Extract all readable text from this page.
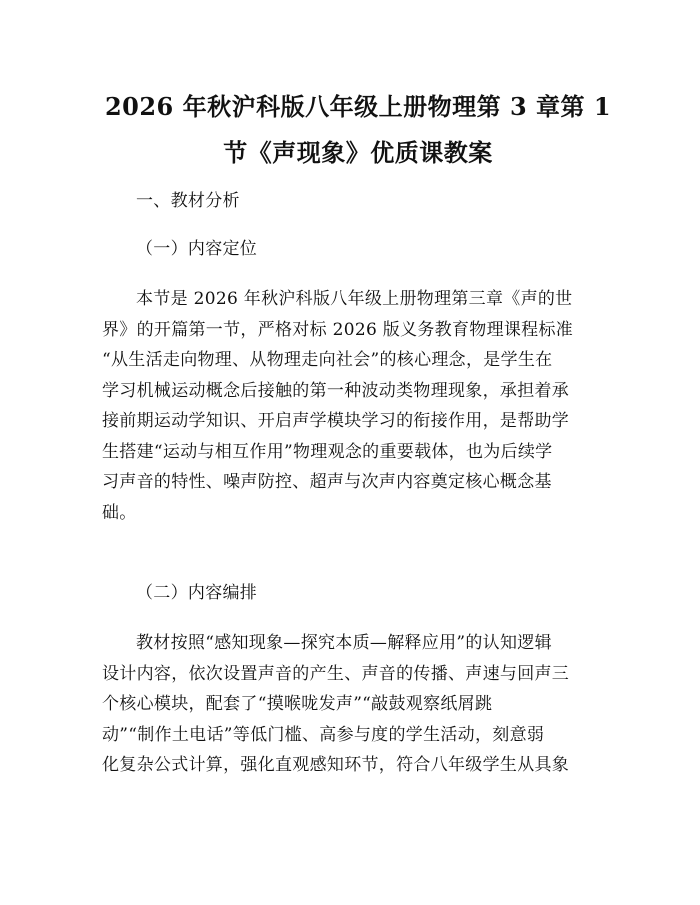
2026 年秋沪科版八年级上册物理第 3 章第 1
节《声现象》优质课教案

一、教材分析

（一）内容定位

本节是 2026 年秋沪科版八年级上册物理第三章《声的世
界》的开篇第一节，严格对标 2026 版义务教育物理课程标准
“从生活走向物理、从物理走向社会”的核心理念，是学生在
学习机械运动概念后接触的第一种波动类物理现象，承担着承
接前期运动学知识、开启声学模块学习的衔接作用，是帮助学
生搭建“运动与相互作用”物理观念的重要载体，也为后续学
习声音的特性、噪声防控、超声与次声内容奠定核心概念基
础。

（二）内容编排

教材按照“感知现象—探究本质—解释应用”的认知逻辑
设计内容，依次设置声音的产生、声音的传播、声速与回声三
个核心模块，配套了“摸喉咙发声”“敲鼓观察纸屑跳
动”“制作土电话”等低门槛、高参与度的学生活动，刻意弱
化复杂公式计算，强化直观感知环节，符合八年级学生从具象
